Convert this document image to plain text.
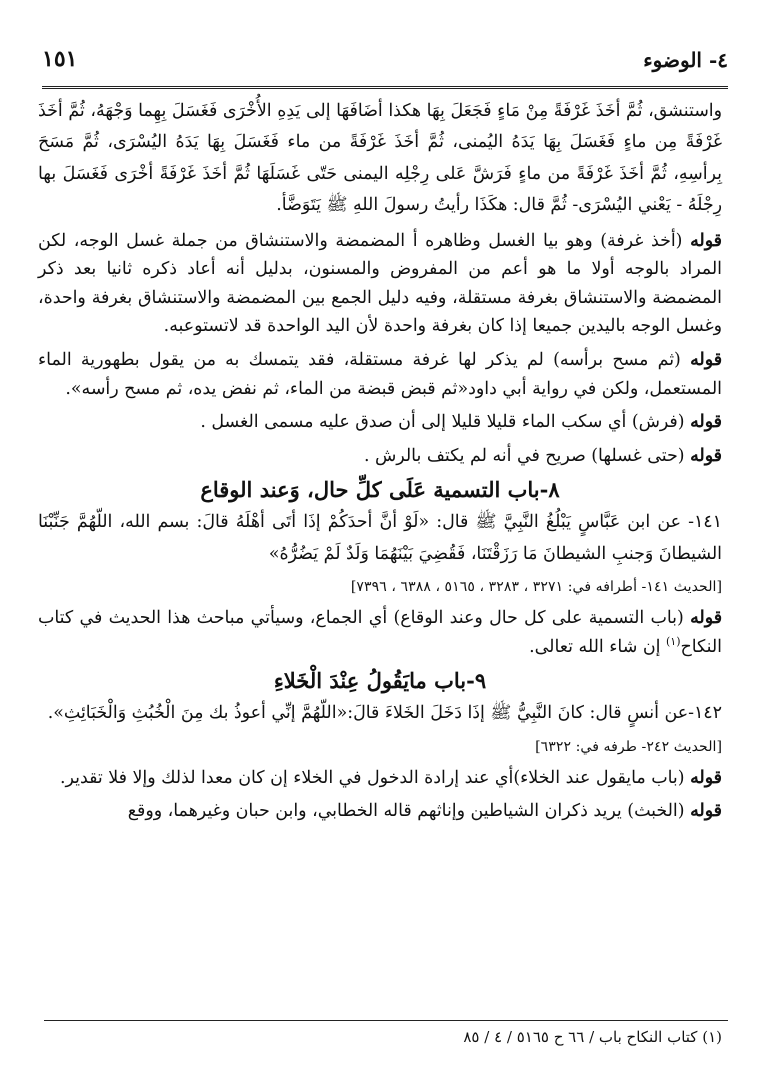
٤- الوضوء
١٥١

واستنشق، ثُمَّ أخَذَ غَرْفَةً مِنْ مَاءٍ فَجَعَلَ بِهَا هكذا أضَافَهَا إلى يَدِهِ الأُخْرَى فَغَسَلَ بِهِما وَجْهَهُ، ثُمَّ أخَذَ غَرْفَةً مِن ماءٍ فَغَسَلَ بِهَا يَدَهُ اليُمنى، ثُمَّ أخَذَ غَرْفَةً من ماء فَغَسَلَ بِهَا يَدَهُ اليُسْرَى، ثُمَّ مَسَحَ بِرأسِهِ، ثُمَّ أخَذَ غَرْفَةً من ماءٍ فَرَشَّ عَلى رِجْلِه اليمنى حَتّى غَسَلَهَا ثُمَّ أخَذَ غَرْفَةً أخْرَى فَغَسَلَ بها رِجْلَهُ - يَعْني اليُسْرَى- ثُمَّ قال: هكَذَا رأيتُ رسولَ اللهِ ﷺ يَتَوَضَّأ.

قوله (أخذ غرفة) وهو بيا الغسل وظاهره أ المضمضة والاستنشاق من جملة غسل الوجه، لكن المراد بالوجه أولا ما هو أعم من المفروض والمسنون، بدليل أنه أعاد ذكره ثانيا بعد ذكر المضمضة والاستنشاق بغرفة مستقلة، وفيه دليل الجمع بين المضمضة والاستنشاق بغرفة واحدة، وغسل الوجه باليدين جميعا إذا كان بغرفة واحدة لأن اليد الواحدة قد لاتستوعبه.

قوله (ثم مسح برأسه) لم يذكر لها غرفة مستقلة، فقد يتمسك به من يقول بطهورية الماء المستعمل، ولكن في رواية أبي داود«ثم قبض قبضة من الماء، ثم نفض يده، ثم مسح رأسه».

قوله (فرش) أي سكب الماء قليلا قليلا إلى أن صدق عليه مسمى الغسل .

قوله (حتى غسلها) صريح في أنه لم يكتف بالرش .

٨-باب التسمية عَلَى كلِّ حال، وَعند الوقاع

١٤١- عن ابن عَبَّاسٍ يَبْلُغُ النَّبِيَّ ﷺ قال: «لَوْ أنَّ أحدَكُمْ إذَا أتَى أهْلَهُ قالَ: بسم الله، اللّهُمَّ جَنِّبْنَا الشيطانَ وَجنبِ الشيطانَ مَا رَزَقْتَنَا، فَقُضِيَ بَيْنَهُمَا وَلَدٌ لَمْ يَضُرُّهُ»

[الحديث ١٤١- أطرافه في: ٣٢٧١ ، ٣٢٨٣ ، ٥١٦٥ ، ٦٣٨٨ ، ٧٣٩٦]

قوله (باب التسمية على كل حال وعند الوقاع) أي الجماع، وسيأتي مباحث هذا الحديث في كتاب النكاح$^{(١)}$ إن شاء الله تعالى.

٩-باب مايَقُولُ عِنْدَ الْخَلاءِ

١٤٢-عن أنسٍ قال: كانَ النَّبِيُّ ﷺ إذَا دَخَلَ الخَلاءَ قالَ:«اللّهُمَّ إنِّي أعوذُ بك مِنَ الْخُبُثِ وَالْخَبَائِثِ».

[الحديث ٢٤٢- طرفه في: ٦٣٢٢]

قوله (باب مايقول عند الخلاء)أي عند إرادة الدخول في الخلاء إن كان معدا لذلك وإلا فلا تقدير.

قوله (الخبث) يريد ذكران الشياطين وإناثهم قاله الخطابي، وابن حبان وغيرهما، ووقع

(١) كتاب النكاح باب / ٦٦ ح ٥١٦٥ / ٤ / ٨٥
